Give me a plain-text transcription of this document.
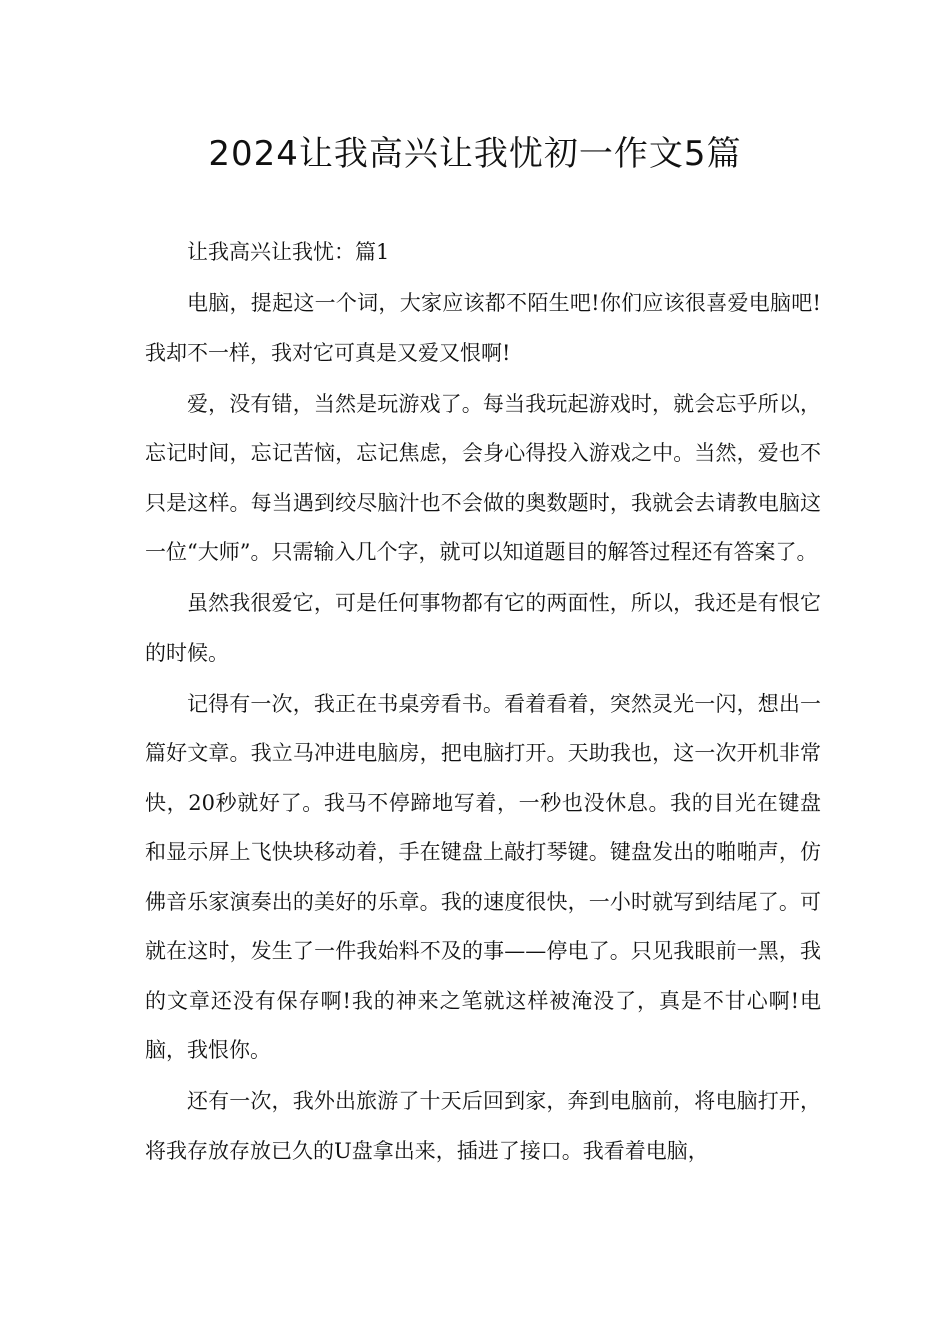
2024让我高兴让我忧初一作文5篇

让我高兴让我忧：篇1

电脑，提起这一个词，大家应该都不陌生吧!你们应该很喜爱电脑吧!我却不一样，我对它可真是又爱又恨啊!

爱，没有错，当然是玩游戏了。每当我玩起游戏时，就会忘乎所以，忘记时间，忘记苦恼，忘记焦虑，会身心得投入游戏之中。当然，爱也不只是这样。每当遇到绞尽脑汁也不会做的奥数题时，我就会去请教电脑这一位“大师”。只需输入几个字，就可以知道题目的解答过程还有答案了。

虽然我很爱它，可是任何事物都有它的两面性，所以，我还是有恨它的时候。

记得有一次，我正在书桌旁看书。看着看着，突然灵光一闪，想出一篇好文章。我立马冲进电脑房，把电脑打开。天助我也，这一次开机非常快，20秒就好了。我马不停蹄地写着，一秒也没休息。我的目光在键盘和显示屏上飞快块移动着，手在键盘上敲打琴键。键盘发出的啪啪声，仿佛音乐家演奏出的美好的乐章。我的速度很快，一小时就写到结尾了。可就在这时，发生了一件我始料不及的事——停电了。只见我眼前一黑，我的文章还没有保存啊!我的神来之笔就这样被淹没了，真是不甘心啊!电脑，我恨你。

还有一次，我外出旅游了十天后回到家，奔到电脑前，将电脑打开，将我存放存放已久的U盘拿出来，插进了接口。我看着电脑，
